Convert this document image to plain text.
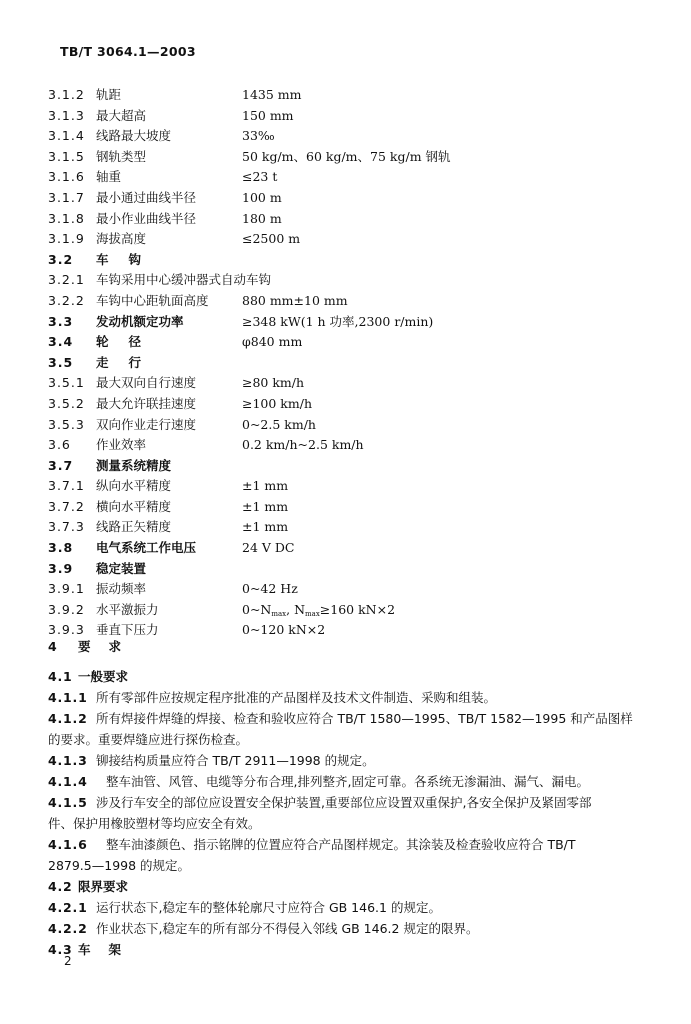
TB/T 3064.1—2003
3.1.2 轨距	1435 mm
3.1.3 最大超高	150 mm
3.1.4 线路最大坡度	33‰
3.1.5 钢轨类型	50 kg/m、60 kg/m、75 kg/m 钢轨
3.1.6 轴重	≤23 t
3.1.7 最小通过曲线半径	100 m
3.1.8 最小作业曲线半径	180 m
3.1.9 海拔高度	≤2500 m
3.2	车钩
3.2.1 车钩采用中心缓冲器式自动车钩
3.2.2 车钩中心距轨面高度	880 mm±10 mm
3.3	发动机额定功率	≥348 kW(1 h 功率,2300 r/min)
3.4	轮径	φ840 mm
3.5	走行
3.5.1 最大双向自行速度	≥80 km/h
3.5.2 最大允许联挂速度	≥100 km/h
3.5.3 双向作业走行速度	0~2.5 km/h
3.6	作业效率	0.2 km/h~2.5 km/h
3.7	测量系统精度
3.7.1 纵向水平精度	±1 mm
3.7.2 横向水平精度	±1 mm
3.7.3 线路正矢精度	±1 mm
3.8	电气系统工作电压	24 V DC
3.9	稳定装置
3.9.1 振动频率	0~42 Hz
3.9.2 水平激振力	$0\sim N_{max}$, $N_{max}\ge 160$ kN×2
3.9.3 垂直下压力	0~120 kN×2
4 要求
4.1 一般要求
4.1.1 所有零部件应按规定程序批准的产品图样及技术文件制造、采购和组装。
4.1.2 所有焊接件焊缝的焊接、检查和验收应符合 TB/T 1580—1995、TB/T 1582—1995 和产品图样
的要求。重要焊缝应进行探伤检查。
4.1.3 铆接结构质量应符合 TB/T 2911—1998 的规定。
4.1.4 整车油管、风管、电缆等分布合理,排列整齐,固定可靠。各系统无渗漏油、漏气、漏电。
4.1.5 涉及行车安全的部位应设置安全保护装置,重要部位应设置双重保护,各安全保护及紧固零部
件、保护用橡胶塑材等均应安全有效。
4.1.6 整车油漆颜色、指示铭牌的位置应符合产品图样规定。其涂装及检查验收应符合 TB/T
2879.5—1998 的规定。
4.2 限界要求
4.2.1 运行状态下,稳定车的整体轮廓尺寸应符合 GB 146.1 的规定。
4.2.2 作业状态下,稳定车的所有部分不得侵入邻线 GB 146.2 规定的限界。
4.3 车架
2
